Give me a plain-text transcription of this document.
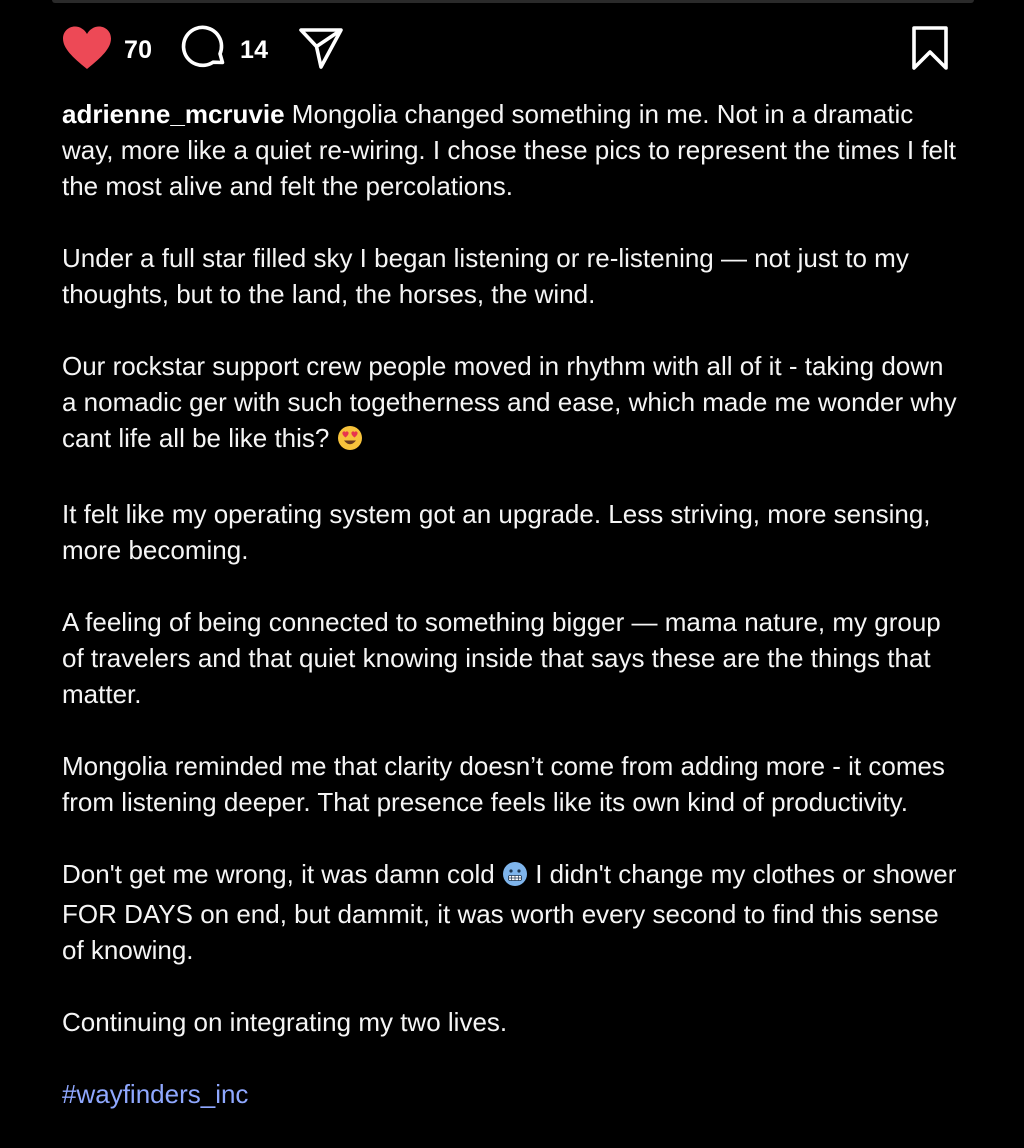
70	14

adrienne_mcruvie Mongolia changed something in me. Not in a dramatic way, more like a quiet re-wiring. I chose these pics to represent the times I felt the most alive and felt the percolations.

Under a full star filled sky I began listening or re-listening — not just to my thoughts, but to the land, the horses, the wind.

Our rockstar support crew people moved in rhythm with all of it - taking down a nomadic ger with such togetherness and ease, which made me wonder why cant life all be like this?

It felt like my operating system got an upgrade. Less striving, more sensing, more becoming.

A feeling of being connected to something bigger — mama nature, my group of travelers and that quiet knowing inside that says these are the things that matter.

Mongolia reminded me that clarity doesn’t come from adding more - it comes from listening deeper. That presence feels like its own kind of productivity.

Don't get me wrong, it was damn cold I didn't change my clothes or shower FOR DAYS on end, but dammit, it was worth every second to find this sense of knowing.

Continuing on integrating my two lives.

#wayfinders_inc
